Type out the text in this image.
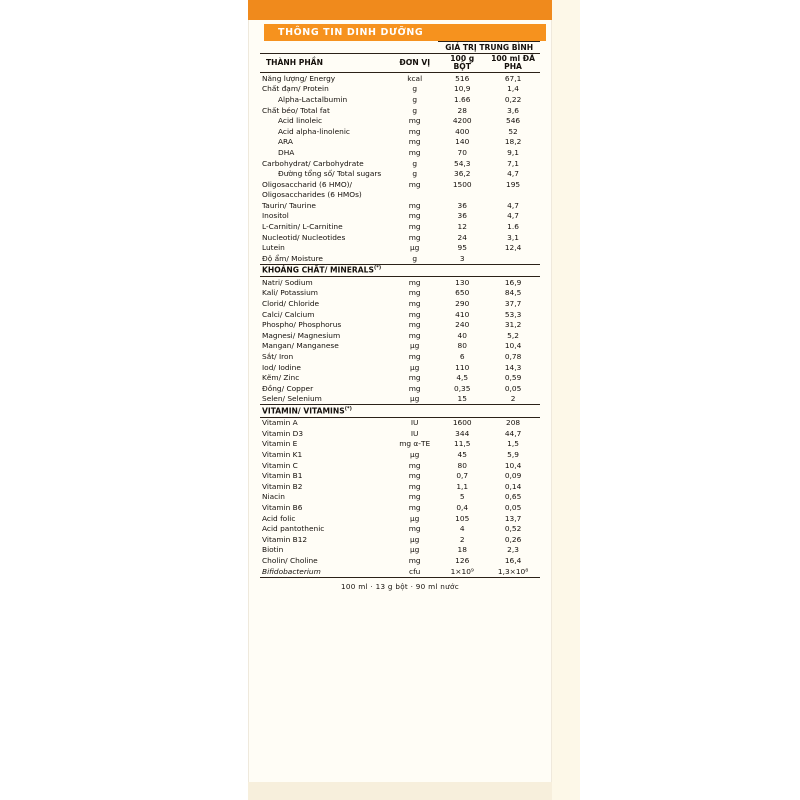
THÔNG TIN DINH DƯỠNG
		GIÁ TRỊ TRUNG BÌNH	
THÀNH PHẦN	ĐƠN VỊ	100 g BỘT	100 ml ĐÃ PHA
Năng lượng/ Energy	kcal	516	67,1
Chất đạm/ Protein	g	10,9	1,4
Alpha-Lactalbumin	g	1.66	0,22
Chất béo/ Total fat	g	28	3,6
Acid linoleic	mg	4200	546
Acid alpha-linolenic	mg	400	52
ARA	mg	140	18,2
DHA	mg	70	9,1
Carbohydrat/ Carbohydrate	g	54,3	7,1
Đường tổng số/ Total sugars	g	36,2	4,7
Oligosaccharid (6 HMO)/	mg	1500	195
Oligosaccharides (6 HMOs)			
Taurin/ Taurine	mg	36	4,7
Inositol	mg	36	4,7
L-Carnitin/ L-Carnitine	mg	12	1.6
Nucleotid/ Nucleotides	mg	24	3,1
Lutein	µg	95	12,4
Độ ẩm/ Moisture	g	3	
KHOÁNG CHẤT/ MINERALS(*)
Natri/ Sodium	mg	130	16,9
Kali/ Potassium	mg	650	84,5
Clorid/ Chloride	mg	290	37,7
Calci/ Calcium	mg	410	53,3
Phospho/ Phosphorus	mg	240	31,2
Magnesi/ Magnesium	mg	40	5,2
Mangan/ Manganese	µg	80	10,4
Sắt/ Iron	mg	6	0,78
Iod/ Iodine	µg	110	14,3
Kẽm/ Zinc	mg	4,5	0,59
Đồng/ Copper	mg	0,35	0,05
Selen/ Selenium	µg	15	2
VITAMIN/ VITAMINS(*)
Vitamin A	IU	1600	208
Vitamin D3	IU	344	44,7
Vitamin E	mg α-TE	11,5	1,5
Vitamin K1	µg	45	5,9
Vitamin C	mg	80	10,4
Vitamin B1	mg	0,7	0,09
Vitamin B2	mg	1,1	0,14
Niacin	mg	5	0,65
Vitamin B6	mg	0,4	0,05
Acid folic	µg	105	13,7
Acid pantothenic	mg	4	0,52
Vitamin B12	µg	2	0,26
Biotin	µg	18	2,3
Cholin/ Choline	mg	126	16,4
Bifidobacterium	cfu	1×10⁹	1,3×10⁸
100 ml · 13 g bột · 90 ml nước
